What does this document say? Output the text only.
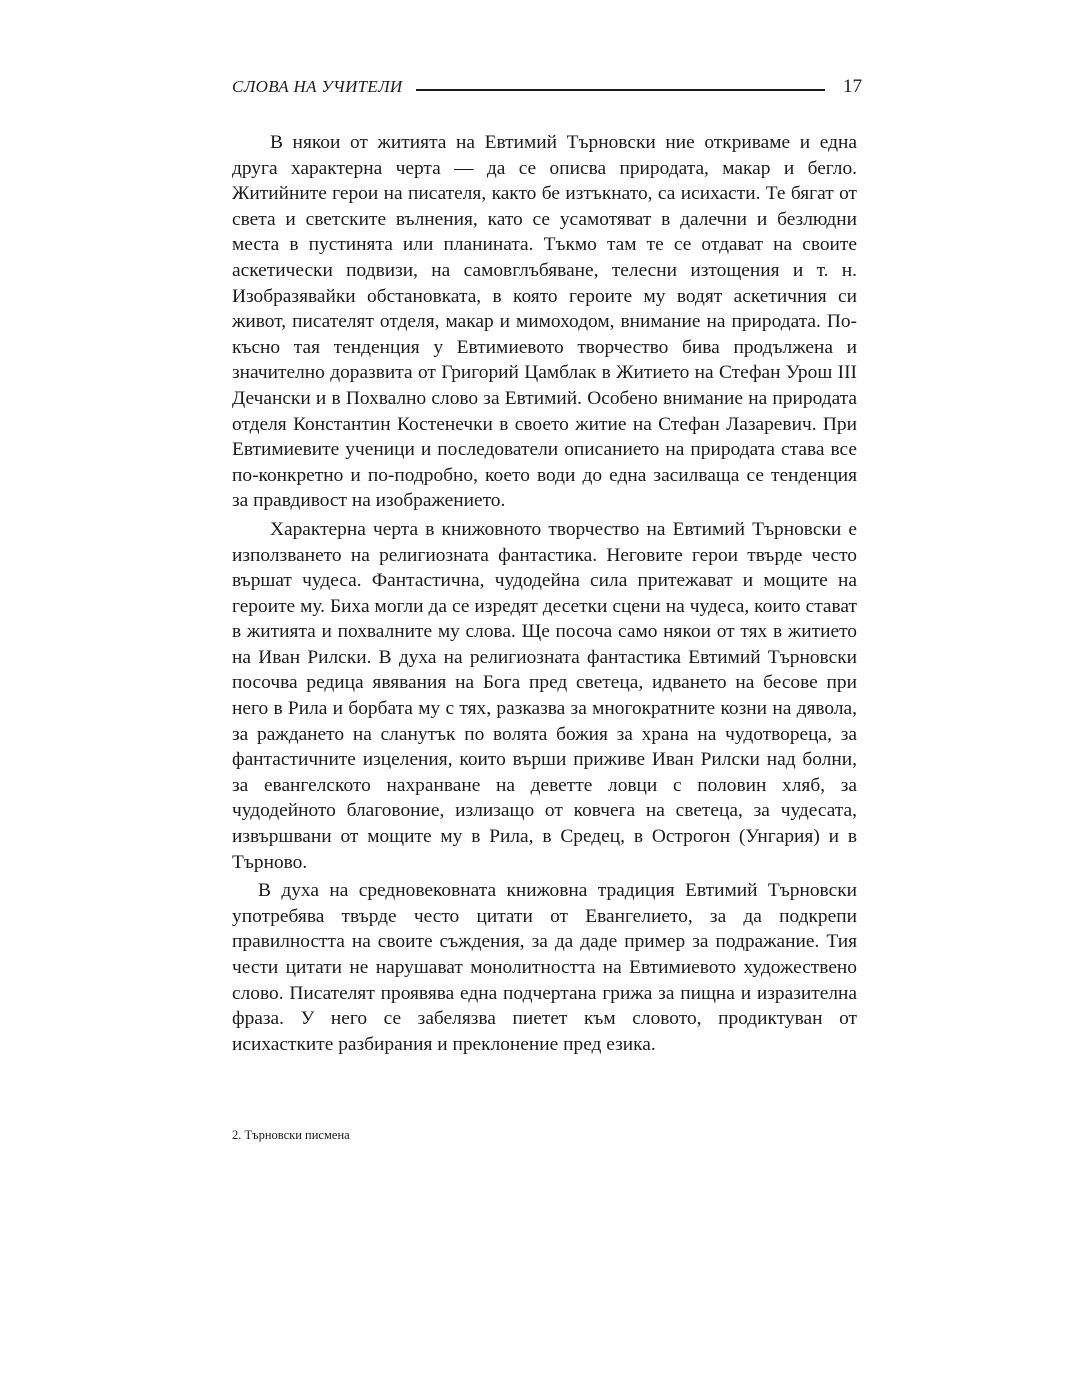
СЛОВА НА УЧИТЕЛИ	17

В някои от житията на Евтимий Търновски ние откриваме и една друга характерна черта — да се описва природата, макар и бегло. Житийните герои на писателя, както бе изтъкнато, са исихасти. Те бягат от света и светските вълнения, като се усамотяват в далечни и безлюдни места в пустинята или планината. Тъкмо там те се отдават на своите аскетически подвизи, на самовглъбяване, телесни изтощения и т. н. Изобразявайки обстановката, в която героите му водят аскетичния си живот, писателят отделя, макар и мимоходом, внимание на природата. По-късно тая тенденция у Евтимиевото творчество бива продължена и значително доразвита от Григорий Цамблак в Житието на Стефан Урош III Дечански и в Похвално слово за Евтимий. Особено внимание на природата отделя Константин Костенечки в своето житие на Стефан Лазаревич. При Евтимиевите ученици и последователи описанието на природата става все по-конкретно и по-подробно, което води до една засилваща се тенденция за правдивост на изображението.

Характерна черта в книжовното творчество на Евтимий Търновски е използването на религиозната фантастика. Неговите герои твърде често вършат чудеса. Фантастична, чудодейна сила притежават и мощите на героите му. Биха могли да се изредят десетки сцени на чудеса, които стават в житията и похвалните му слова. Ще посоча само някои от тях в житието на Иван Рилски. В духа на религиозната фантастика Евтимий Търновски посочва редица явявания на Бога пред светеца, идването на бесове при него в Рила и борбата му с тях, разказва за многократните козни на дявола, за раждането на сланутък по волята божия за храна на чудотвореца, за фантастичните изцеления, които върши приживе Иван Рилски над болни, за евангелското нахранване на деветте ловци с половин хляб, за чудодейното благовоние, излизащо от ковчега на светеца, за чудесата, извършвани от мощите му в Рила, в Средец, в Острогон (Унгария) и в Търново.

В духа на средновековната книжовна традиция Евтимий Търновски употребява твърде често цитати от Евангелието, за да подкрепи правилността на своите съждения, за да даде пример за подражание. Тия чести цитати не нарушават монолитността на Евтимиевото художествено слово. Писателят проявява една подчертана грижа за пищна и изразителна фраза. У него се забелязва пиетет към словото, продиктуван от исихастките разбирания и преклонение пред езика.

2. Търновски писмена
